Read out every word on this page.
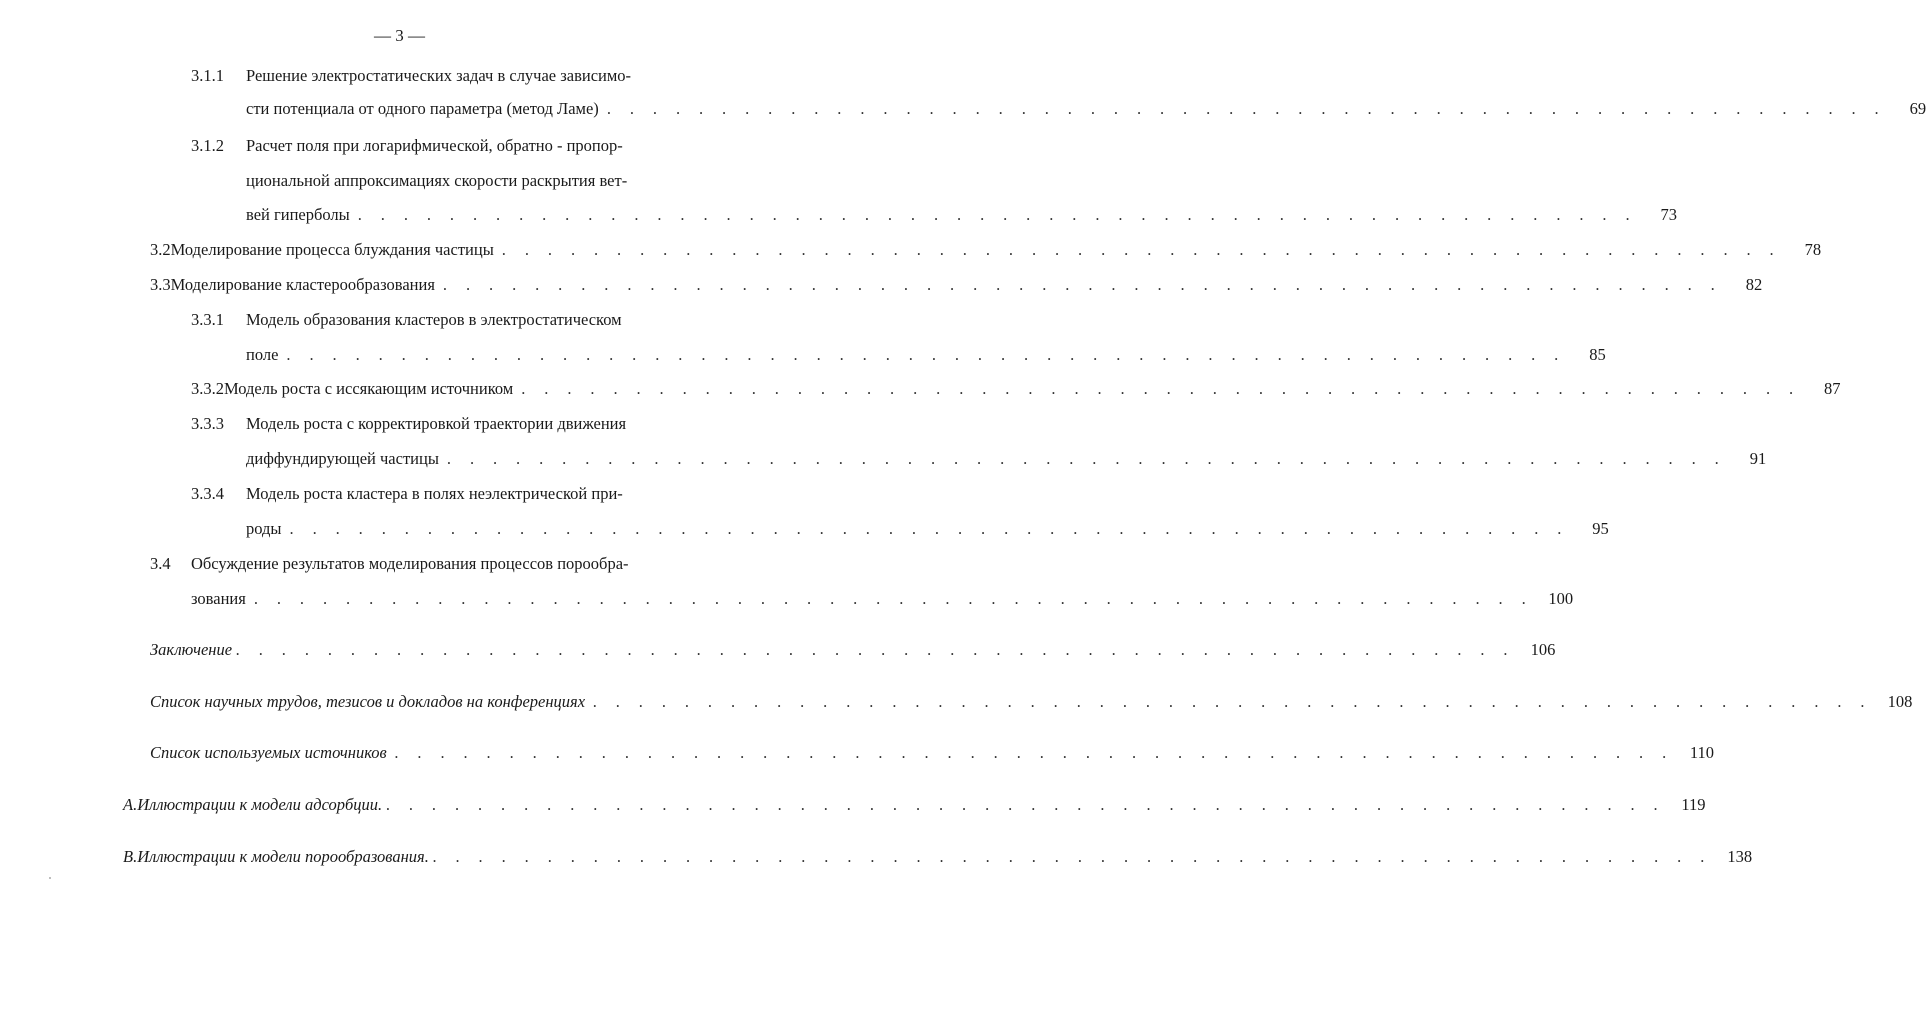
— 3 —
3.1.1	Решение электростатических задач в случае зависимо-
сти потенциала от одного параметра (метод Ламе) . . . . . . . . . . . . . . . . . . . . . . . . . . . . . . . . . . . . . . . . . . . . . . . . . . . . . . . .	69
3.1.2	Расчет поля при логарифмической, обратно - пропор-
циональной аппроксимациях скорости раскрытия вет-
вей гиперболы . . . . . . . . . . . . . . . . . . . . . . . . . . . . . . . . . . . . . . . . . . . . . . . . . . . . . . . .	73
3.2 Моделирование процесса блуждания частицы . . . . . . . . . . . . . . . . . . . . . . . . . . . . . . . . . . . . . . . . . . . . . . . . . . . . . . . .	78
3.3 Моделирование кластерообразования . . . . . . . . . . . . . . . . . . . . . . . . . . . . . . . . . . . . . . . . . . . . . . . . . . . . . . . .	82
3.3.1	Модель образования кластеров в электростатическом
поле . . . . . . . . . . . . . . . . . . . . . . . . . . . . . . . . . . . . . . . . . . . . . . . . . . . . . . . .	85
3.3.2 Модель роста с иссякающим источником . . . . . . . . . . . . . . . . . . . . . . . . . . . . . . . . . . . . . . . . . . . . . . . . . . . . . . . .	87
3.3.3	Модель роста с корректировкой траектории движения
диффундирующей частицы . . . . . . . . . . . . . . . . . . . . . . . . . . . . . . . . . . . . . . . . . . . . . . . . . . . . . . . .	91
3.3.4	Модель роста кластера в полях неэлектрической при-
роды . . . . . . . . . . . . . . . . . . . . . . . . . . . . . . . . . . . . . . . . . . . . . . . . . . . . . . . .	95
3.4	Обсуждение результатов моделирования процессов порообра-
зования . . . . . . . . . . . . . . . . . . . . . . . . . . . . . . . . . . . . . . . . . . . . . . . . . . . . . . . . 100
Заключение . . . . . . . . . . . . . . . . . . . . . . . . . . . . . . . . . . . . . . . . . . . . . . . . . . . . . . . . 106
Список научных трудов, тезисов и докладов на конференциях . . . . . . . . . . . . . . . . . . . . . . . . . . . . . . . . . . . . . . . . . . . . . . . . . . . . . . . . 108
Список используемых источников . . . . . . . . . . . . . . . . . . . . . . . . . . . . . . . . . . . . . . . . . . . . . . . . . . . . . . . . 110
A. Иллюстрации к модели адсорбции. . . . . . . . . . . . . . . . . . . . . . . . . . . . . . . . . . . . . . . . . . . . . . . . . . . . . . . . . 119
B. Иллюстрации к модели порообразования. . . . . . . . . . . . . . . . . . . . . . . . . . . . . . . . . . . . . . . . . . . . . . . . . . . . . . . . . 138
